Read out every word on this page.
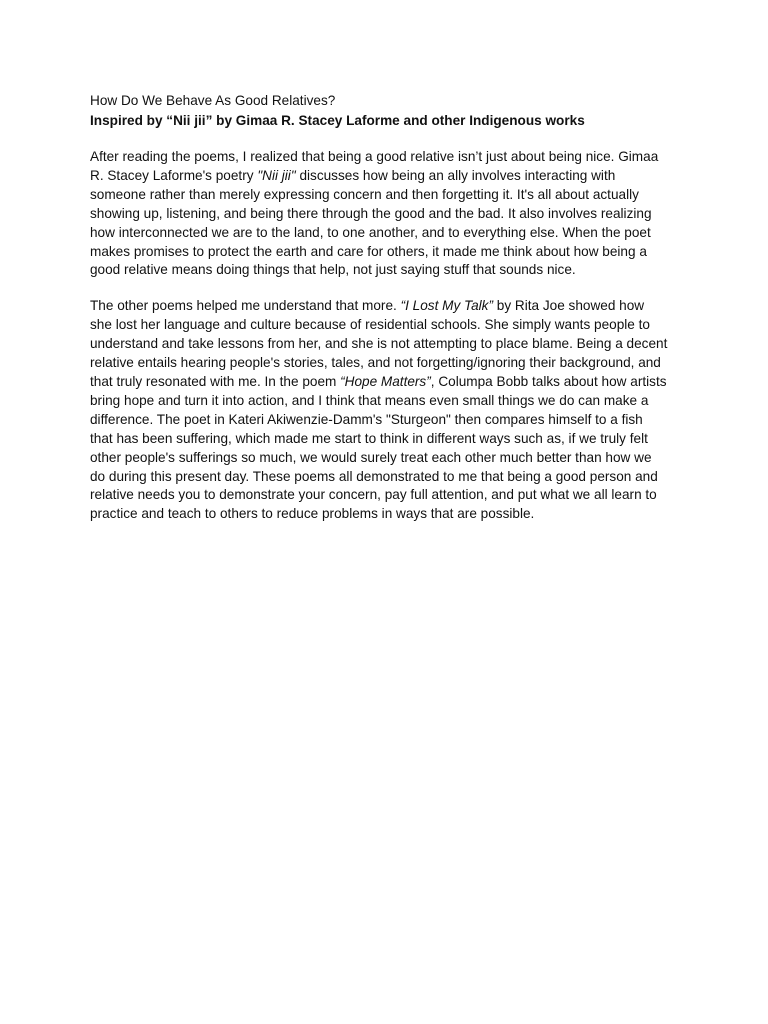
How Do We Behave As Good Relatives?

Inspired by “Nii jii” by Gimaa R. Stacey Laforme and other Indigenous works

After reading the poems, I realized that being a good relative isn’t just about being nice. Gimaa
R. Stacey Laforme's poetry "Nii jii" discusses how being an ally involves interacting with
someone rather than merely expressing concern and then forgetting it. It's all about actually
showing up, listening, and being there through the good and the bad. It also involves realizing
how interconnected we are to the land, to one another, and to everything else. When the poet
makes promises to protect the earth and care for others, it made me think about how being a
good relative means doing things that help, not just saying stuff that sounds nice.

The other poems helped me understand that more. “I Lost My Talk” by Rita Joe showed how
she lost her language and culture because of residential schools. She simply wants people to
understand and take lessons from her, and she is not attempting to place blame. Being a decent
relative entails hearing people's stories, tales, and not forgetting/ignoring their background, and
that truly resonated with me. In the poem “Hope Matters”, Columpa Bobb talks about how artists
bring hope and turn it into action, and I think that means even small things we do can make a
difference. The poet in Kateri Akiwenzie-Damm's "Sturgeon" then compares himself to a fish
that has been suffering, which made me start to think in different ways such as, if we truly felt
other people's sufferings so much, we would surely treat each other much better than how we
do during this present day. These poems all demonstrated to me that being a good person and
relative needs you to demonstrate your concern, pay full attention, and put what we all learn to
practice and teach to others to reduce problems in ways that are possible.
